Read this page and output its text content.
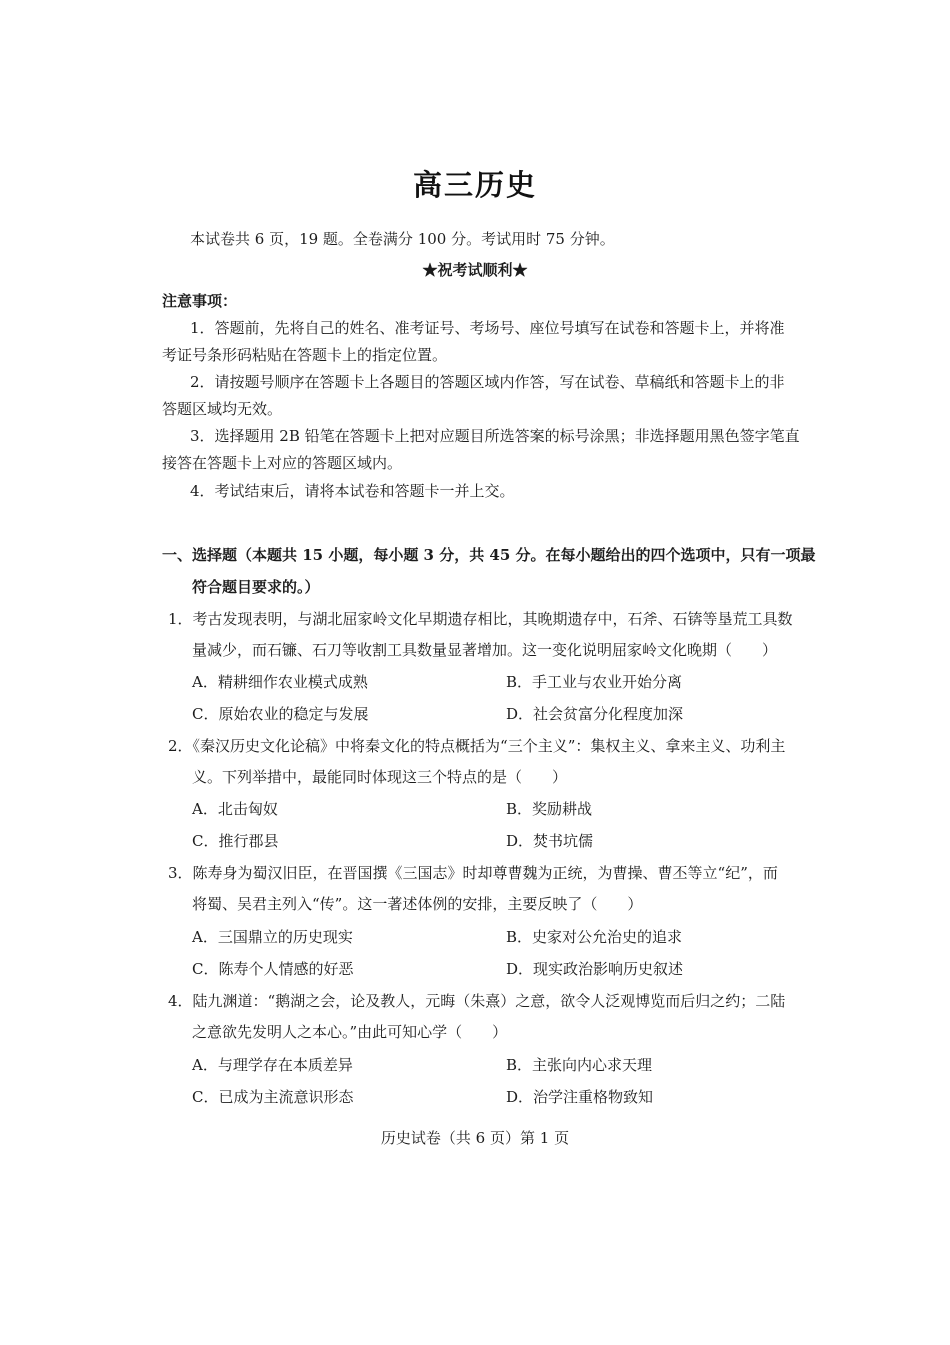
高三历史
本试卷共 6 页，19 题。全卷满分 100 分。考试用时 75 分钟。
★祝考试顺利★
注意事项：
1．答题前，先将自己的姓名、准考证号、考场号、座位号填写在试卷和答题卡上，并将准
考证号条形码粘贴在答题卡上的指定位置。
2．请按题号顺序在答题卡上各题目的答题区域内作答，写在试卷、草稿纸和答题卡上的非
答题区域均无效。
3．选择题用 2B 铅笔在答题卡上把对应题目所选答案的标号涂黑；非选择题用黑色签字笔直
接答在答题卡上对应的答题区域内。
4．考试结束后，请将本试卷和答题卡一并上交。
一、选择题（本题共 15 小题，每小题 3 分，共 45 分。在每小题给出的四个选项中，只有一项最
符合题目要求的。）
1．考古发现表明，与湖北屈家岭文化早期遗存相比，其晚期遗存中，石斧、石锛等垦荒工具数
量减少，而石镰、石刀等收割工具数量显著增加。这一变化说明屈家岭文化晚期（　　）
A．精耕细作农业模式成熟	B．手工业与农业开始分离
C．原始农业的稳定与发展	D．社会贫富分化程度加深
2．《秦汉历史文化论稿》中将秦文化的特点概括为“三个主义”：集权主义、拿来主义、功利主
义。下列举措中，最能同时体现这三个特点的是（　　）
A．北击匈奴	B．奖励耕战
C．推行郡县	D．焚书坑儒
3．陈寿身为蜀汉旧臣，在晋国撰《三国志》时却尊曹魏为正统，为曹操、曹丕等立“纪”，而
将蜀、吴君主列入“传”。这一著述体例的安排，主要反映了（　　）
A．三国鼎立的历史现实	B．史家对公允治史的追求
C．陈寿个人情感的好恶	D．现实政治影响历史叙述
4．陆九渊道：“鹅湖之会，论及教人，元晦（朱熹）之意，欲令人泛观博览而后归之约；二陆
之意欲先发明人之本心。”由此可知心学（　　）
A．与理学存在本质差异	B．主张向内心求天理
C．已成为主流意识形态	D．治学注重格物致知
历史试卷（共 6 页）第 1 页
